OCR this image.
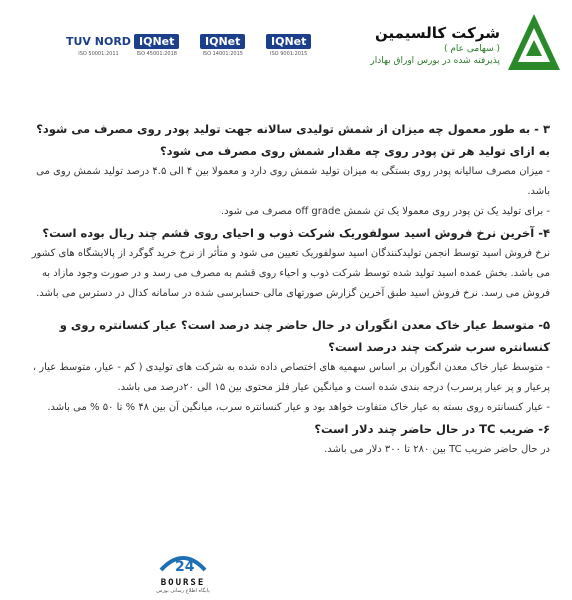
شرکت کالسیمین
( سهامی عام )
پذیرفته شده در بورس اوراق بهادار
TUV NORD
ISO 50001:2011
IQNet
ISO 45001:2018
IQNet
ISO 14001:2015
IQNet
ISO 9001:2015

۳ - به طور معمول چه میزان از شمش تولیدی سالانه جهت تولید پودر روی مصرف می شود؟ به ازای تولید هر تن پودر روی چه مقدار شمش روی مصرف می شود؟

- میزان مصرف سالیانه پودر روی بستگی به میزان تولید شمش روی دارد و معمولا بین ۴ الی ۴.۵ درصد تولید شمش روی می باشد.

- برای تولید یک تن پودر روی معمولا یک تن شمش off grade مصرف می شود.

۴- آخرین نرخ فروش اسید سولفوریک شرکت ذوب و احیای روی قشم چند ریال بوده است؟

نرخ فروش اسید توسط انجمن تولیدکنندگان اسید سولفوریک تعیین می شود و متأثر از نرخ خرید گوگرد از پالایشگاه های کشور می باشد. بخش عمده اسید تولید شده توسط شرکت ذوب و احیاء روی قشم به مصرف می رسد و در صورت وجود مازاد به فروش می رسد. نرخ فروش اسید طبق آخرین گزارش صورتهای مالی حسابرسی شده در سامانه کدال در دسترس می باشد.

۵- متوسط عیار خاک معدن انگوران در حال حاضر چند درصد است؟ عیار کنسانتره روی و کنسانتره سرب شرکت چند درصد است؟

- متوسط عیار خاک معدن انگوران بر اساس سهمیه های اختصاص داده شده به شرکت های تولیدی ( کم - عیار، متوسط عیار ، پرعیار و پر عیار پرسرب) درجه بندی شده است و میانگین عیار فلز محتوی بین ۱۵ الی ۲۰درصد می باشد.

- عیار کنسانتره روی بسته به عیار خاک متفاوت خواهد بود و عیار کنسانتره سرب، میانگین آن بین ۴۸ % تا ۵۰ % می باشد.

۶- ضریب TC در حال حاضر چند دلار است؟

در حال حاضر ضریب TC بین ۲۸۰ تا ۳۰۰ دلار می باشد.

24
BOURSE
پایگاه اطلاع رسانی بورس
